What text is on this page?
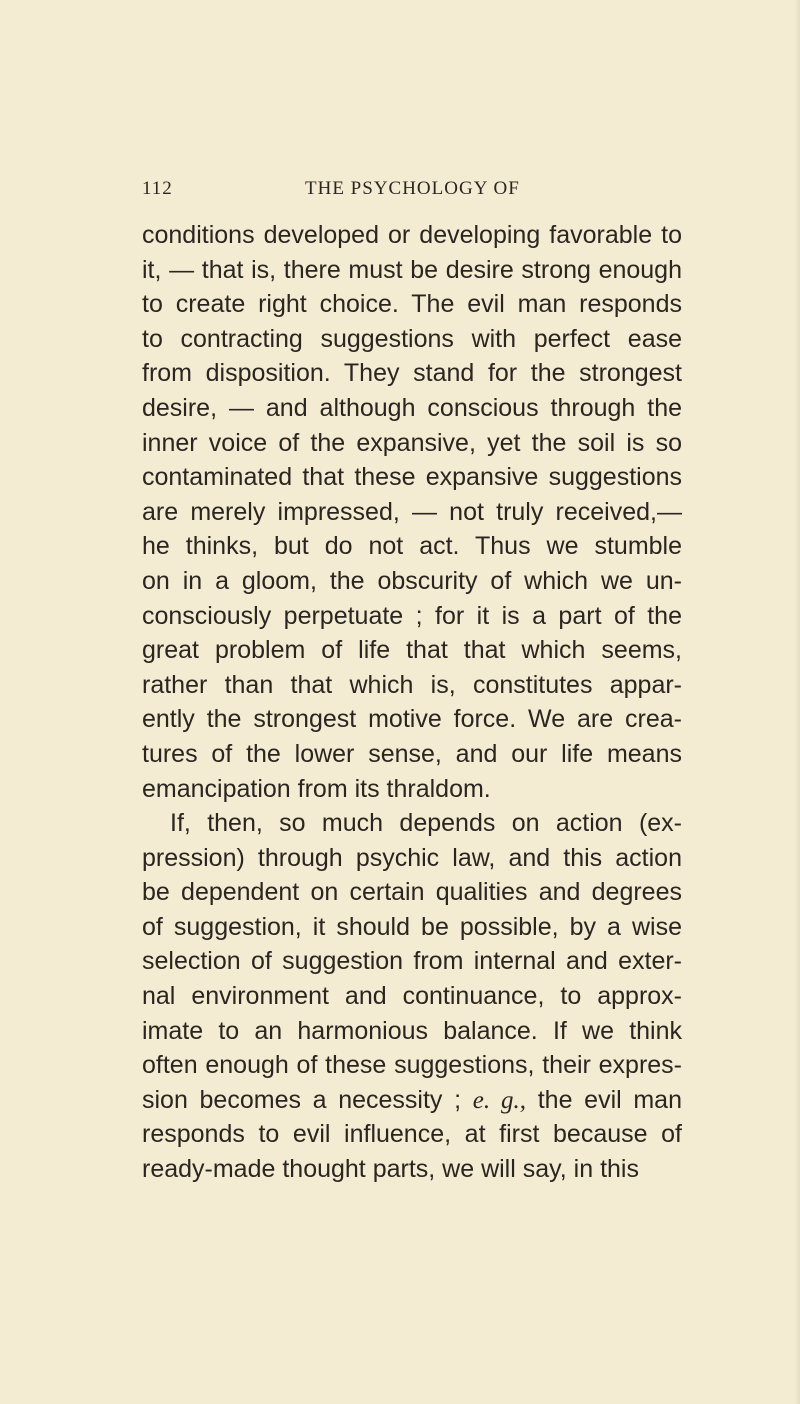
112	THE PSYCHOLOGY OF
conditions developed or developing favorable to
it, — that is, there must be desire strong enough
to create right choice. The evil man responds
to contracting suggestions with perfect ease
from disposition. They stand for the strongest
desire, — and although conscious through the
inner voice of the expansive, yet the soil is so
contaminated that these expansive suggestions
are merely impressed, — not truly received,—
he thinks, but do not act. Thus we stumble
on in a gloom, the obscurity of which we un-
consciously perpetuate ; for it is a part of the
great problem of life that that which seems,
rather than that which is, constitutes appar-
ently the strongest motive force. We are crea-
tures of the lower sense, and our life means
emancipation from its thraldom.
If, then, so much depends on action (ex-
pression) through psychic law, and this action
be dependent on certain qualities and degrees
of suggestion, it should be possible, by a wise
selection of suggestion from internal and exter-
nal environment and continuance, to approx-
imate to an harmonious balance. If we think
often enough of these suggestions, their expres-
sion becomes a necessity ; e. g., the evil man
responds to evil influence, at first because of
ready-made thought parts, we will say, in this
